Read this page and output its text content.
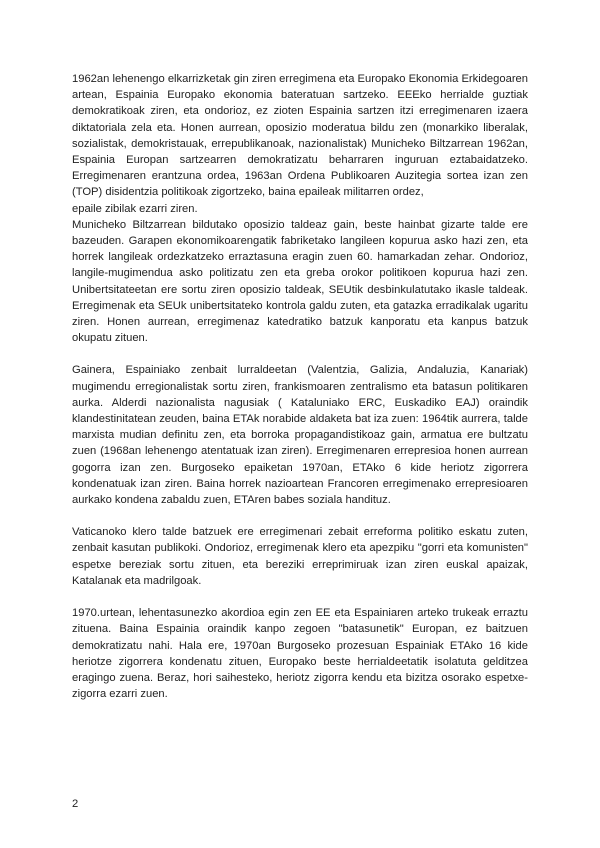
1962an lehenengo elkarrizketak gin ziren erregimena eta Europako Ekonomia Erkidegoaren artean, Espainia Europako ekonomia bateratuan sartzeko. EEEko herrialde guztiak demokratikoak ziren, eta ondorioz, ez zioten Espainia sartzen itzi erregimenaren izaera diktatoriala zela eta. Honen aurrean, oposizio moderatua bildu zen (monarkiko liberalak, sozialistak, demokristauak, errepublikanoak, nazionalistak) Municheko Biltzarrean 1962an, Espainia Europan sartzearren demokratizatu beharraren inguruan eztabaidatzeko. Erregimenaren erantzuna ordea, 1963an Ordena Publikoaren Auzitegia sortea izan zen (TOP) disidentzia politikoak zigortzeko, baina epaileak militarren ordez,

epaile zibilak ezarri ziren.

Municheko Biltzarrean bildutako oposizio taldeaz gain, beste hainbat gizarte talde ere bazeuden. Garapen ekonomikoarengatik fabriketako langileen kopurua asko hazi zen, eta horrek langileak ordezkatzeko erraztasuna eragin zuen 60. hamarkadan zehar. Ondorioz, langile-mugimendua asko politizatu zen eta greba orokor politikoen kopurua hazi zen. Unibertsitateetan ere sortu ziren oposizio taldeak, SEUtik desbinkulatutako ikasle taldeak. Erregimenak eta SEUk unibertsitateko kontrola galdu zuten, eta gatazka erradikalak ugaritu ziren. Honen aurrean, erregimenaz katedratiko batzuk kanporatu eta kanpus batzuk okupatu zituen.

Gainera, Espainiako zenbait lurraldeetan (Valentzia, Galizia, Andaluzia, Kanariak) mugimendu erregionalistak sortu ziren, frankismoaren zentralismo eta batasun politikaren aurka. Alderdi nazionalista nagusiak ( Kataluniako ERC, Euskadiko EAJ) oraindik klandestinitatean zeuden, baina ETAk norabide aldaketa bat iza zuen: 1964tik aurrera, talde marxista mudian definitu zen, eta borroka propagandistikoaz gain, armatua ere bultzatu zuen (1968an lehenengo atentatuak izan ziren). Erregimenaren errepresioa honen aurrean gogorra izan zen. Burgoseko epaiketan 1970an, ETAko 6 kide heriotz zigorrera kondenatuak izan ziren. Baina horrek nazioartean Francoren erregimenako errepresioaren aurkako kondena zabaldu zuen, ETAren babes soziala handituz.

Vaticanoko klero talde batzuek ere erregimenari zebait erreforma politiko eskatu zuten, zenbait kasutan publikoki. Ondorioz, erregimenak klero eta apezpiku "gorri eta komunisten" espetxe bereziak sortu zituen, eta bereziki erreprimiruak izan ziren euskal apaizak, Katalanak eta madrilgoak.

1970.urtean, lehentasunezko akordioa egin zen EE eta Espainiaren arteko trukeak erraztu zituena. Baina Espainia oraindik kanpo zegoen "batasunetik" Europan, ez baitzuen demokratizatu nahi. Hala ere, 1970an Burgoseko prozesuan Espainiak ETAko 16 kide heriotze zigorrera kondenatu zituen, Europako beste herrialdeetatik isolatuta gelditzea eragingo zuena. Beraz, hori saihesteko, heriotz zigorra kendu eta bizitza osorako espetxe-zigorra ezarri zuen.

2
